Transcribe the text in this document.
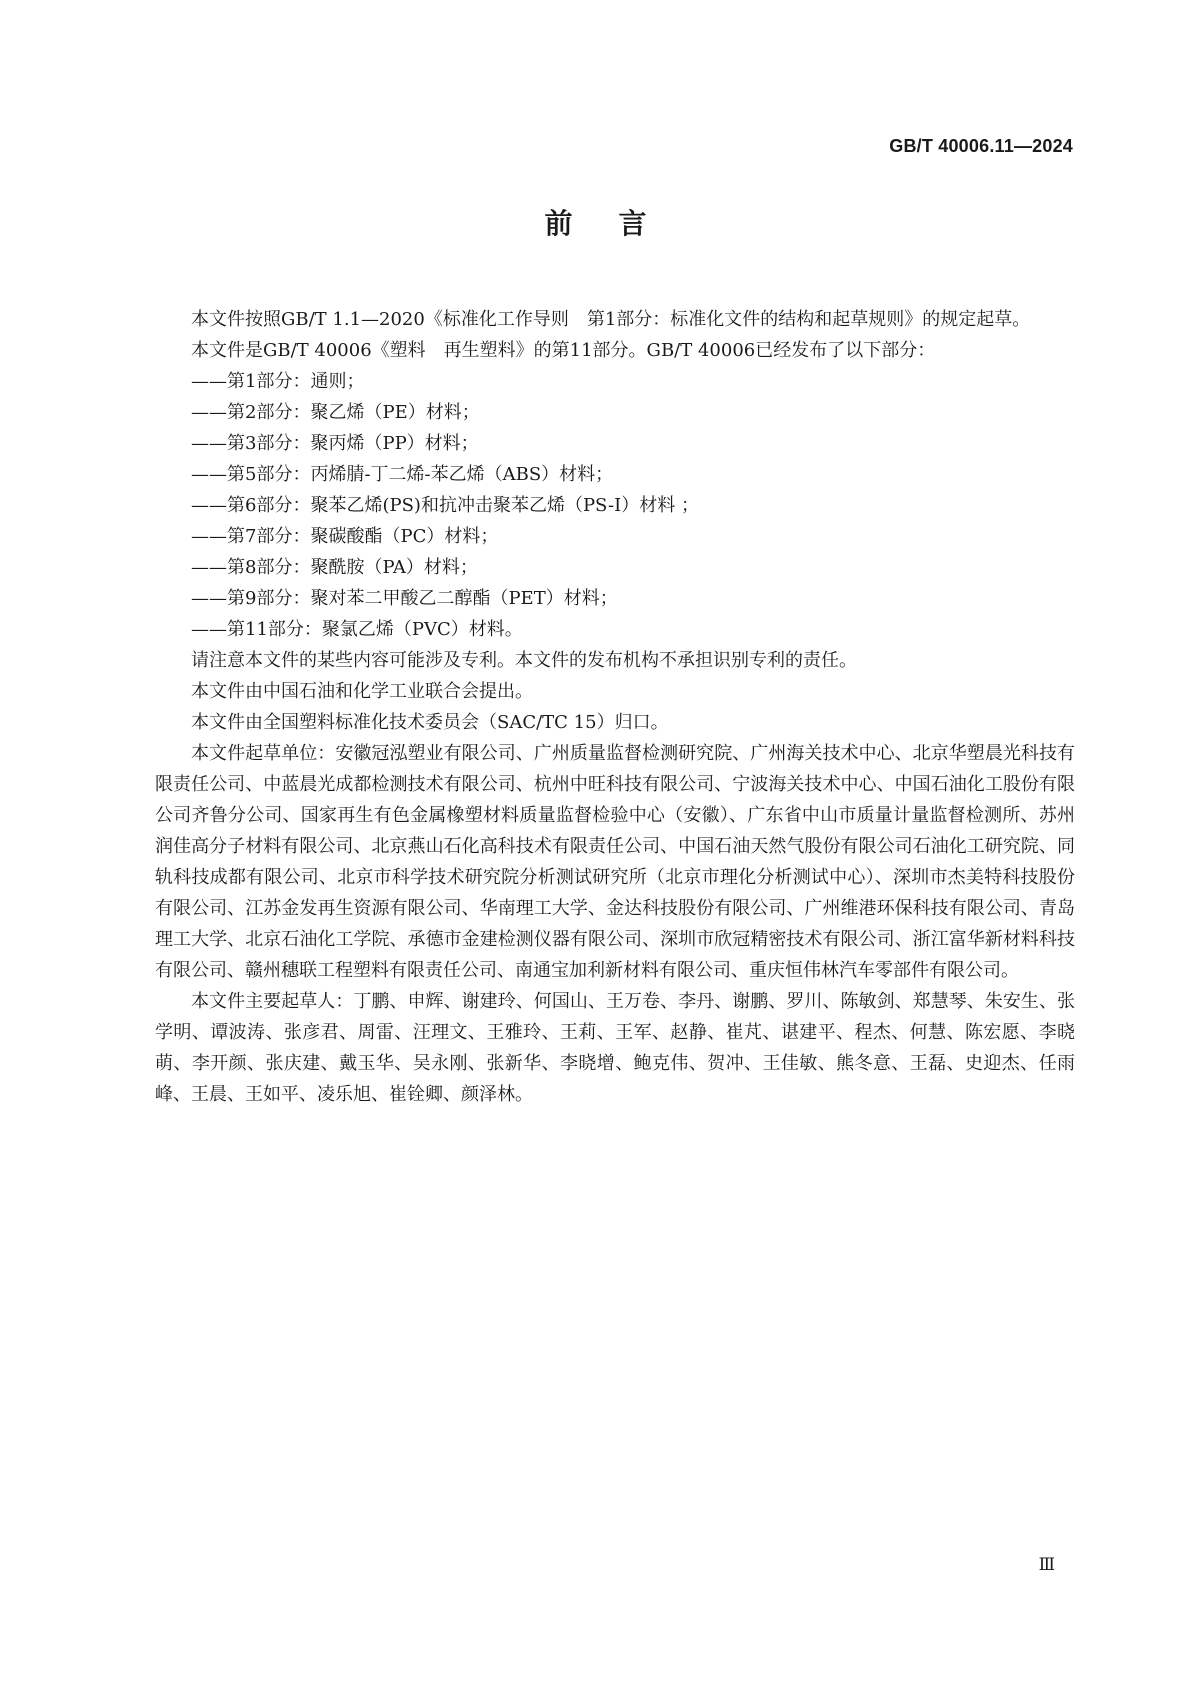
GB/T 40006.11—2024
前言

本文件按照GB/T 1.1—2020《标准化工作导则　第1部分：标准化文件的结构和起草规则》的规定起草。

本文件是GB/T 40006《塑料　再生塑料》的第11部分。GB/T 40006已经发布了以下部分：

——第1部分：通则；

——第2部分：聚乙烯（PE）材料；

——第3部分：聚丙烯（PP）材料；

——第5部分：丙烯腈-丁二烯-苯乙烯（ABS）材料；

——第6部分：聚苯乙烯(PS)和抗冲击聚苯乙烯（PS-I）材料 ；

——第7部分：聚碳酸酯（PC）材料；

——第8部分：聚酰胺（PA）材料；

——第9部分：聚对苯二甲酸乙二醇酯（PET）材料；

——第11部分：聚氯乙烯（PVC）材料。

请注意本文件的某些内容可能涉及专利。本文件的发布机构不承担识别专利的责任。

本文件由中国石油和化学工业联合会提出。

本文件由全国塑料标准化技术委员会（SAC/TC 15）归口。

本文件起草单位：安徽冠泓塑业有限公司、广州质量监督检测研究院、广州海关技术中心、北京华塑晨光科技有限责任公司、中蓝晨光成都检测技术有限公司、杭州中旺科技有限公司、宁波海关技术中心、中国石油化工股份有限公司齐鲁分公司、国家再生有色金属橡塑材料质量监督检验中心（安徽）、广东省中山市质量计量监督检测所、苏州润佳高分子材料有限公司、北京燕山石化高科技术有限责任公司、中国石油天然气股份有限公司石油化工研究院、同轨科技成都有限公司、北京市科学技术研究院分析测试研究所（北京市理化分析测试中心）、深圳市杰美特科技股份有限公司、江苏金发再生资源有限公司、华南理工大学、金达科技股份有限公司、广州维港环保科技有限公司、青岛理工大学、北京石油化工学院、承德市金建检测仪器有限公司、深圳市欣冠精密技术有限公司、浙江富华新材料科技有限公司、赣州穗联工程塑料有限责任公司、南通宝加利新材料有限公司、重庆恒伟林汽车零部件有限公司。

本文件主要起草人：丁鹏、申辉、谢建玲、何国山、王万卷、李丹、谢鹏、罗川、陈敏剑、郑慧琴、朱安生、张学明、谭波涛、张彦君、周雷、汪理文、王雅玲、王莉、王军、赵静、崔芃、谌建平、程杰、何慧、陈宏愿、李晓萌、李开颜、张庆建、戴玉华、吴永刚、张新华、李晓增、鲍克伟、贺冲、王佳敏、熊冬意、王磊、史迎杰、任雨峰、王晨、王如平、凌乐旭、崔铨卿、颜泽林。

Ⅲ
